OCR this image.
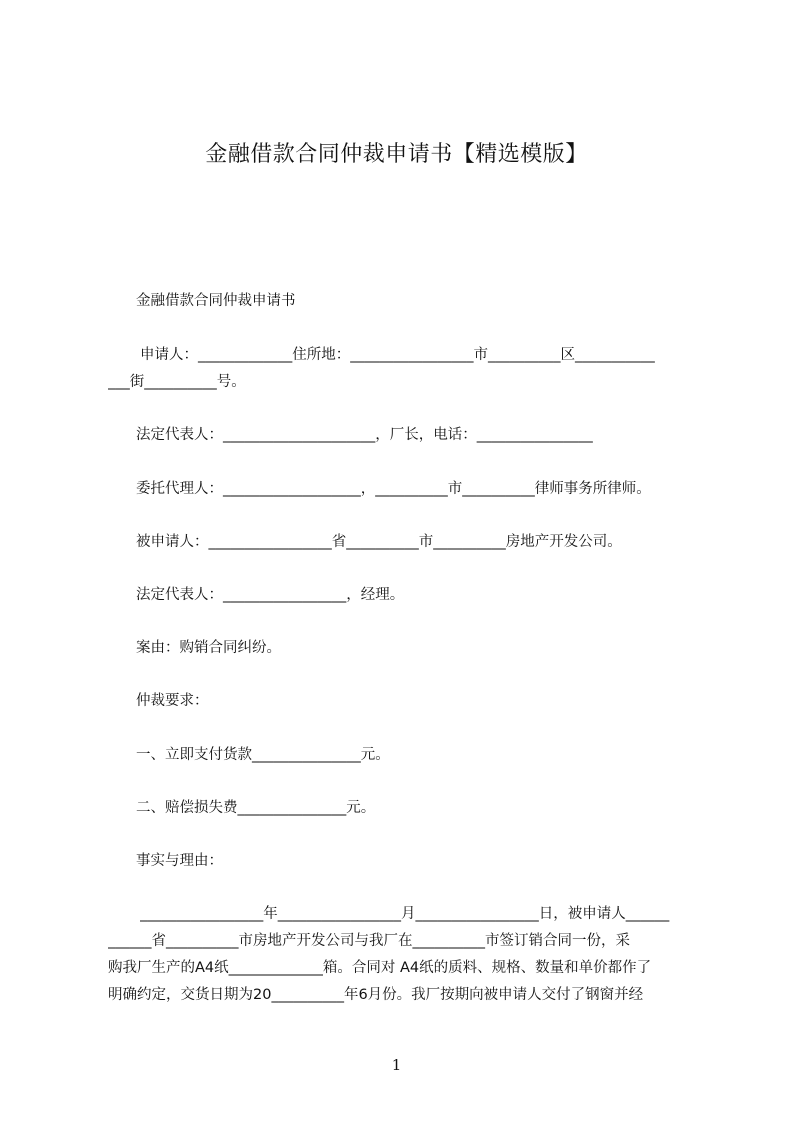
金融借款合同仲裁申请书【精选模版】
金融借款合同仲裁申请书
申请人：_____________住所地：_________________市__________区___________
___街__________号。
法定代表人：_____________________，厂长，电话：________________
委托代理人：___________________，__________市__________律师事务所律师。
被申请人：_________________省__________市__________房地产开发公司。
法定代表人：_________________，经理。
案由：购销合同纠纷。
仲裁要求：
一、立即支付货款_______________元。
二、赔偿损失费_______________元。
事实与理由：
_________________年_________________月_________________日，被申请人______
______省__________市房地产开发公司与我厂在__________市签订销合同一份，采
购我厂生产的A4纸_____________箱。合同对 A4纸的质料、规格、数量和单价都作了
明确约定，交货日期为20__________年6月份。我厂按期向被申请人交付了钢窗并经
1
